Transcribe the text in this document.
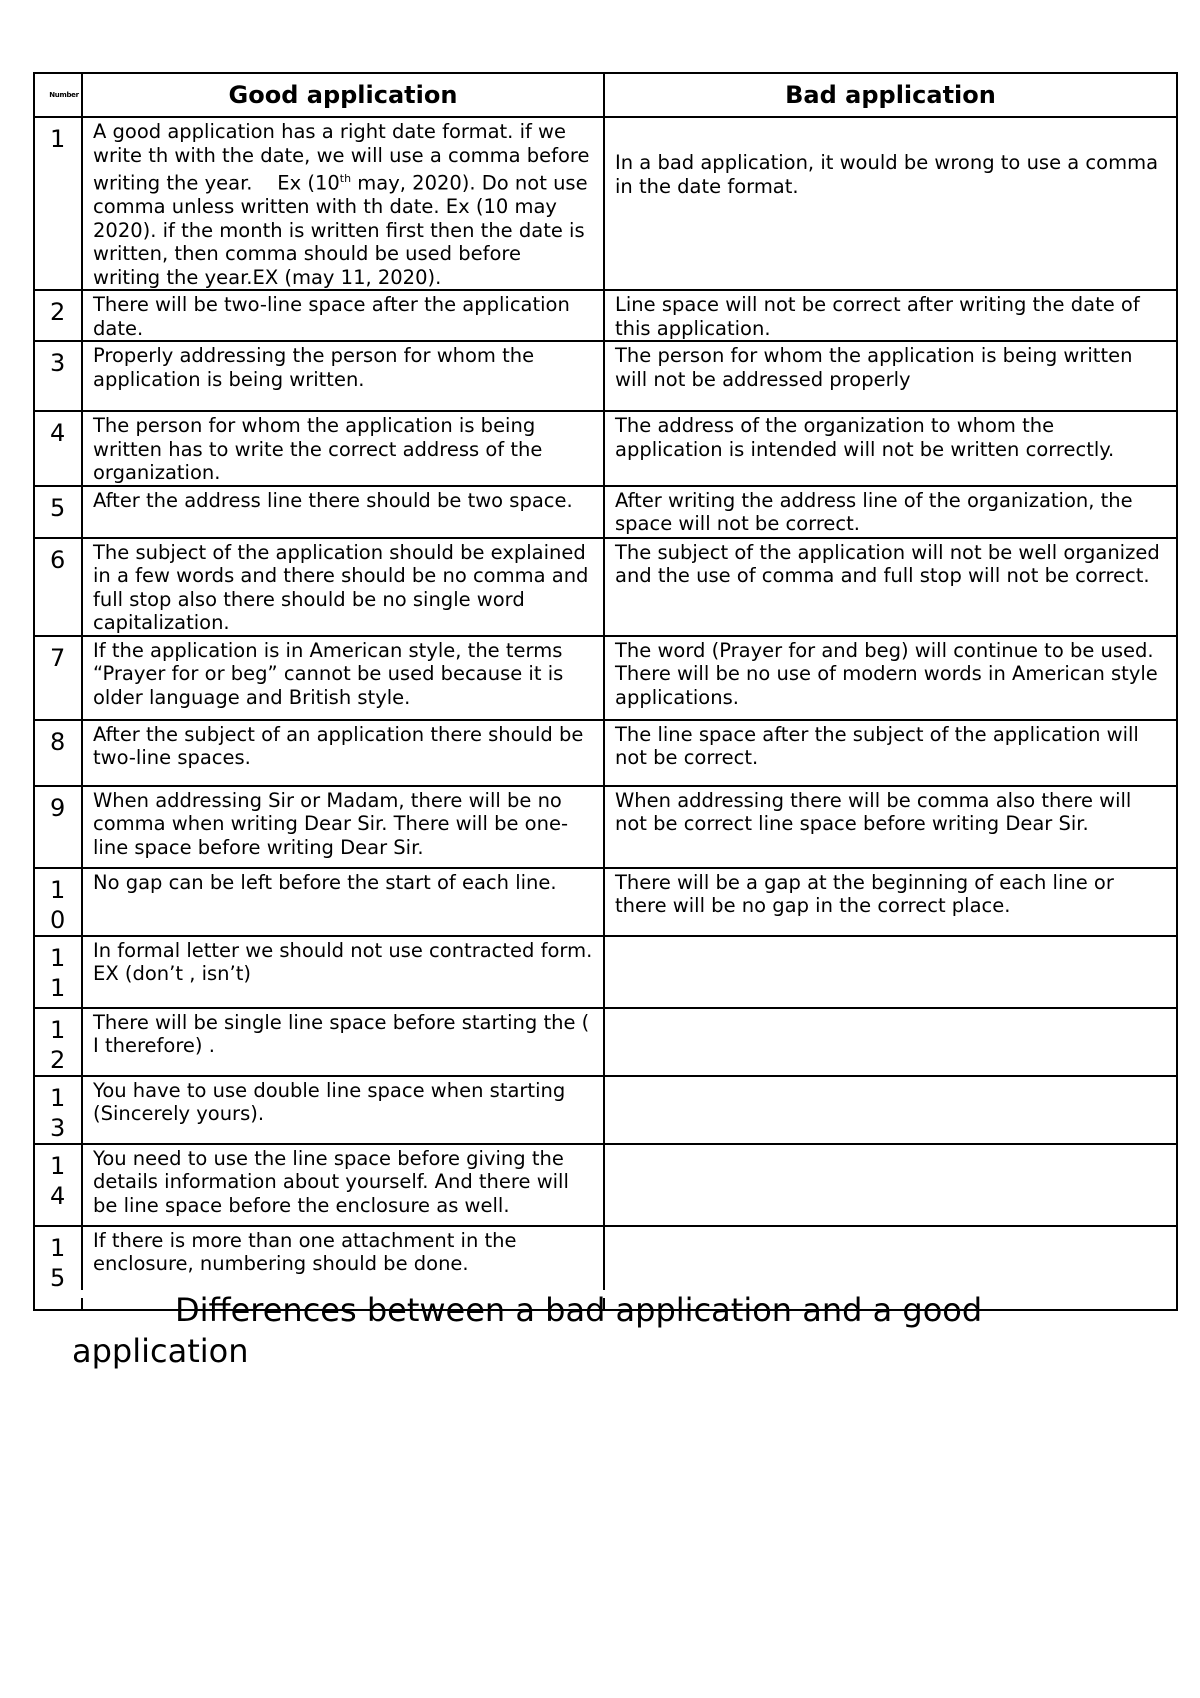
Number	Good application	Bad application

1	A good application has a right date format. if we write th with the date, we will use a comma before writing the year.    Ex (10th may, 2020). Do not use comma unless written with th date. Ex (10 may 2020). if the month is written first then the date is written, then comma should be used before writing the year.EX (may 11, 2020).	In a bad application, it would be wrong to use a comma in the date format.

2	There will be two-line space after the application date.	Line space will not be correct after writing the date of this application.

3	Properly addressing the person for whom the application is being written.	The person for whom the application is being written will not be addressed properly

4	The person for whom the application is being written has to write the correct address of the organization.	The address of the organization to whom the application is intended will not be written correctly.

5	After the address line there should be two space.	After writing the address line of the organization, the space will not be correct.

6	The subject of the application should be explained in a few words and there should be no comma and full stop also there should be no single word capitalization.	The subject of the application will not be well organized and the use of comma and full stop will not be correct.

7	If the application is in American style, the terms “Prayer for or beg” cannot be used because it is older language and British style.	The word (Prayer for and beg) will continue to be used. There will be no use of modern words in American style applications.

8	After the subject of an application there should be two-line spaces.	The line space after the subject of the application will not be correct.

9	When addressing Sir or Madam, there will be no comma when writing Dear Sir. There will be one-line space before writing Dear Sir.	When addressing there will be comma also there will not be correct line space before writing Dear Sir.

10	No gap can be left before the start of each line.	There will be a gap at the beginning of each line or there will be no gap in the correct place.

11	In formal letter we should not use contracted form.
EX (don’t , isn’t)	

12	There will be single line space before starting the ( I therefore) .	

13	You have to use double line space when starting (Sincerely yours).	

14	You need to use the line space before giving the details information about yourself. And there will be line space before the enclosure as well.	

15	If there is more than one attachment in the enclosure, numbering should be done.	

Differences between a bad application and a good application
